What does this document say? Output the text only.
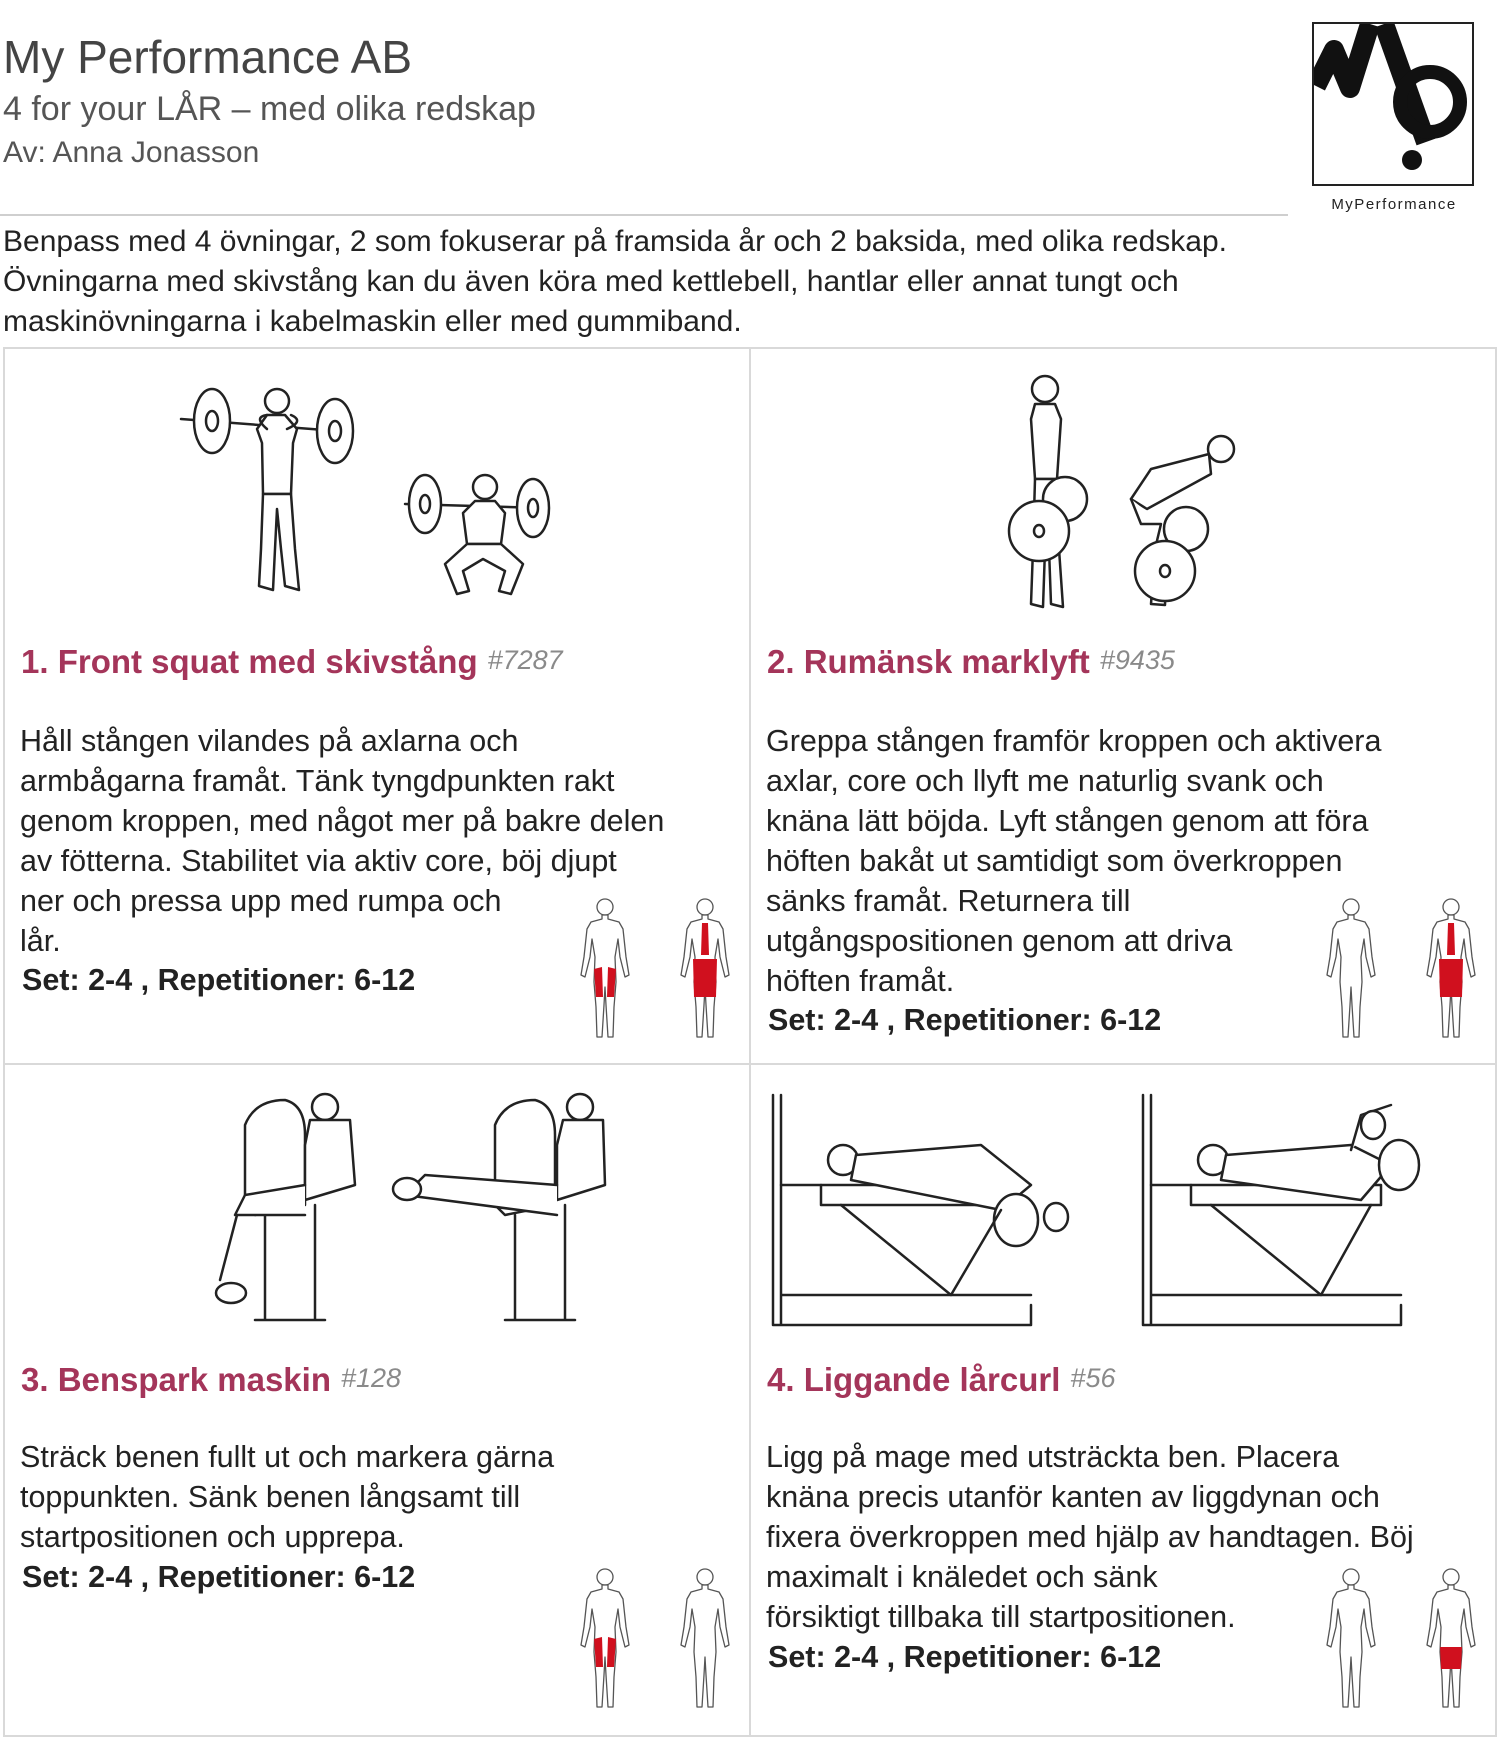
My Performance AB
4 for your LÅR – med olika redskap
Av: Anna Jonasson
MyPerformance
Benpass med 4 övningar, 2 som fokuserar på framsida år och 2 baksida, med olika redskap.
Övningarna med skivstång kan du även köra med kettlebell, hantlar eller annat tungt och
maskinövningarna i kabelmaskin eller med gummiband.
1. Front squat med skivstång #7287
Håll stången vilandes på axlarna och
armbågarna framåt. Tänk tyngdpunkten rakt
genom kroppen, med något mer på bakre delen
av fötterna. Stabilitet via aktiv core, böj djupt
ner och pressa upp med rumpa och
lår.
Set: 2-4 , Repetitioner: 6-12
2. Rumänsk marklyft #9435
Greppa stången framför kroppen och aktivera
axlar, core och llyft me naturlig svank och
knäna lätt böjda. Lyft stången genom att föra
höften bakåt ut samtidigt som överkroppen
sänks framåt. Returnera till
utgångspositionen genom att driva
höften framåt.
Set: 2-4 , Repetitioner: 6-12
3. Benspark maskin #128
Sträck benen fullt ut och markera gärna
toppunkten. Sänk benen långsamt till
startpositionen och upprepa.
Set: 2-4 , Repetitioner: 6-12
4. Liggande lårcurl #56
Ligg på mage med utsträckta ben. Placera
knäna precis utanför kanten av liggdynan och
fixera överkroppen med hjälp av handtagen. Böj
maximalt i knäledet och sänk
försiktigt tillbaka till startpositionen.
Set: 2-4 , Repetitioner: 6-12
